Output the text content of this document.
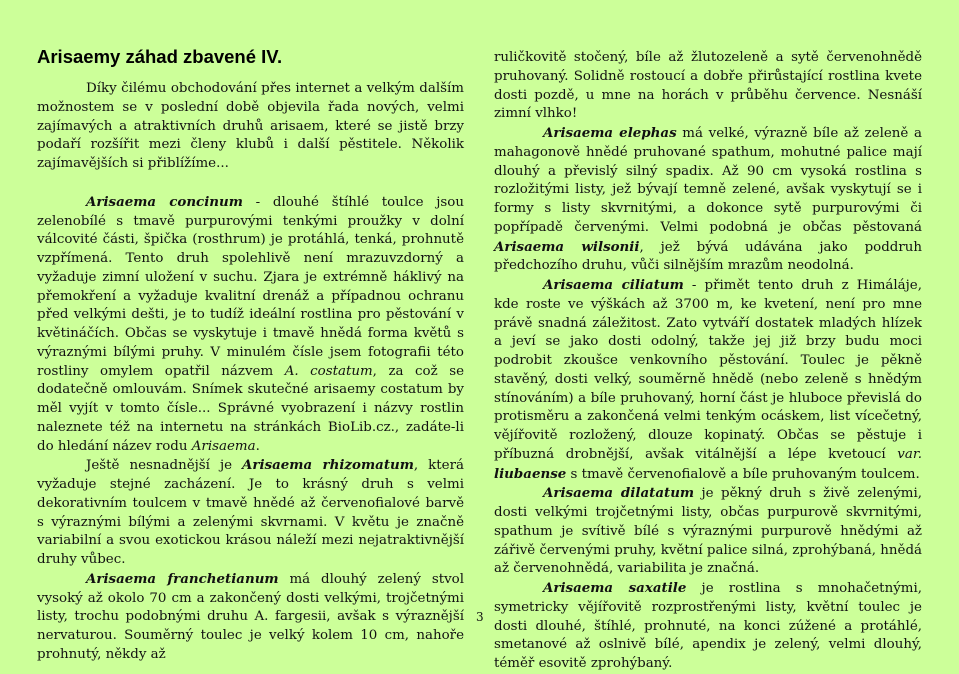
Arisaemy záhad zbavené IV.

Díky čilému obchodování přes internet a velkým dalším možnostem se v poslední době objevila řada nových, velmi zajímavých a atraktivních druhů arisaem, které se jistě brzy podaří rozšířit mezi členy klubů i další pěstitele. Několik zajímavějších si přiblížíme...

Arisaema concinum - dlouhé štíhlé toulce jsou zelenobílé s tmavě purpurovými tenkými proužky v dolní válcovité části, špička (rosthrum) je protáhlá, tenká, prohnutě vzpřímená. Tento druh spolehlivě není mrazuvzdorný a vyžaduje zimní uložení v suchu. Zjara je extrémně háklivý na přemokření a vyžaduje kvalitní drenáž a případnou ochranu před velkými dešti, je to tudíž ideální rostlina pro pěstování v květináčích. Občas se vyskytuje i tmavě hnědá forma květů s výraznými bílými pruhy. V minulém čísle jsem fotografii této rostliny omylem opatřil názvem A. costatum, za což se dodatečně omlouvám. Snímek skutečné arisaemy costatum by měl vyjít v tomto čísle... Správné vyobrazení i názvy rostlin naleznete též na internetu na stránkách BioLib.cz., zadáte-li do hledání název rodu Arisaema.

Ještě nesnadnější je Arisaema rhizomatum, která vyžaduje stejné zacházení. Je to krásný druh s velmi dekorativním toulcem v tmavě hnědé až červenofialové barvě s výraznými bílými a zelenými skvrnami. V květu je značně variabilní a svou exotickou krásou náleží mezi nejatraktivnější druhy vůbec.

Arisaema franchetianum má dlouhý zelený stvol vysoký až okolo 70 cm a zakončený dosti velkými, trojčetnými listy, trochu podobnými druhu A. fargesii, avšak s výraznější nervaturou. Souměrný toulec je velký kolem 10 cm, nahoře prohnutý, někdy až

ruličkovitě stočený, bíle až žlutozeleně a sytě červenohnědě pruhovaný. Solidně rostoucí a dobře přirůstající rostlina kvete dosti pozdě, u mne na horách v průběhu července. Nesnáší zimní vlhko!

Arisaema elephas má velké, výrazně bíle až zeleně a mahagonově hnědé pruhované spathum, mohutné palice mají dlouhý a převislý silný spadix. Až 90 cm vysoká rostlina s rozložitými listy, jež bývají temně zelené, avšak vyskytují se i formy s listy skvrnitými, a dokonce sytě purpurovými či popřípadě červenými. Velmi podobná je občas pěstovaná Arisaema wilsonii, jež bývá udávána jako poddruh předchozího druhu, vůči silnějším mrazům neodolná.

Arisaema ciliatum - přimět tento druh z Himáláje, kde roste ve výškách až 3700 m, ke kvetení, není pro mne právě snadná záležitost. Zato vytváří dostatek mladých hlízek a jeví se jako dosti odolný, takže jej již brzy budu moci podrobit zkoušce venkovního pěstování. Toulec je pěkně stavěný, dosti velký, souměrně hnědě (nebo zeleně s hnědým stínováním) a bíle pruhovaný, horní část je hluboce převislá do protisměru a zakončená velmi tenkým ocáskem, list vícečetný, vějířovitě rozložený, dlouze kopinatý. Občas se pěstuje i příbuzná drobnější, avšak vitálnější a lépe kvetoucí var. liubaense s tmavě červenofialově a bíle pruhovaným toulcem.

Arisaema dilatatum je pěkný druh s živě zelenými, dosti velkými trojčetnými listy, občas purpurově skvrnitými, spathum je svítivě bílé s výraznými purpurově hnědými až zářivě červenými pruhy, květní palice silná, zprohýbaná, hnědá až červenohnědá, variabilita je značná.

Arisaema saxatile je rostlina s mnohačetnými, symetricky vějířovitě rozprostřenými listy, květní toulec je dosti dlouhé, štíhlé, prohnuté, na konci zúžené a protáhlé, smetanové až oslnivě bílé, apendix je zelený, velmi dlouhý, téměř esovitě zprohýbaný.

3
